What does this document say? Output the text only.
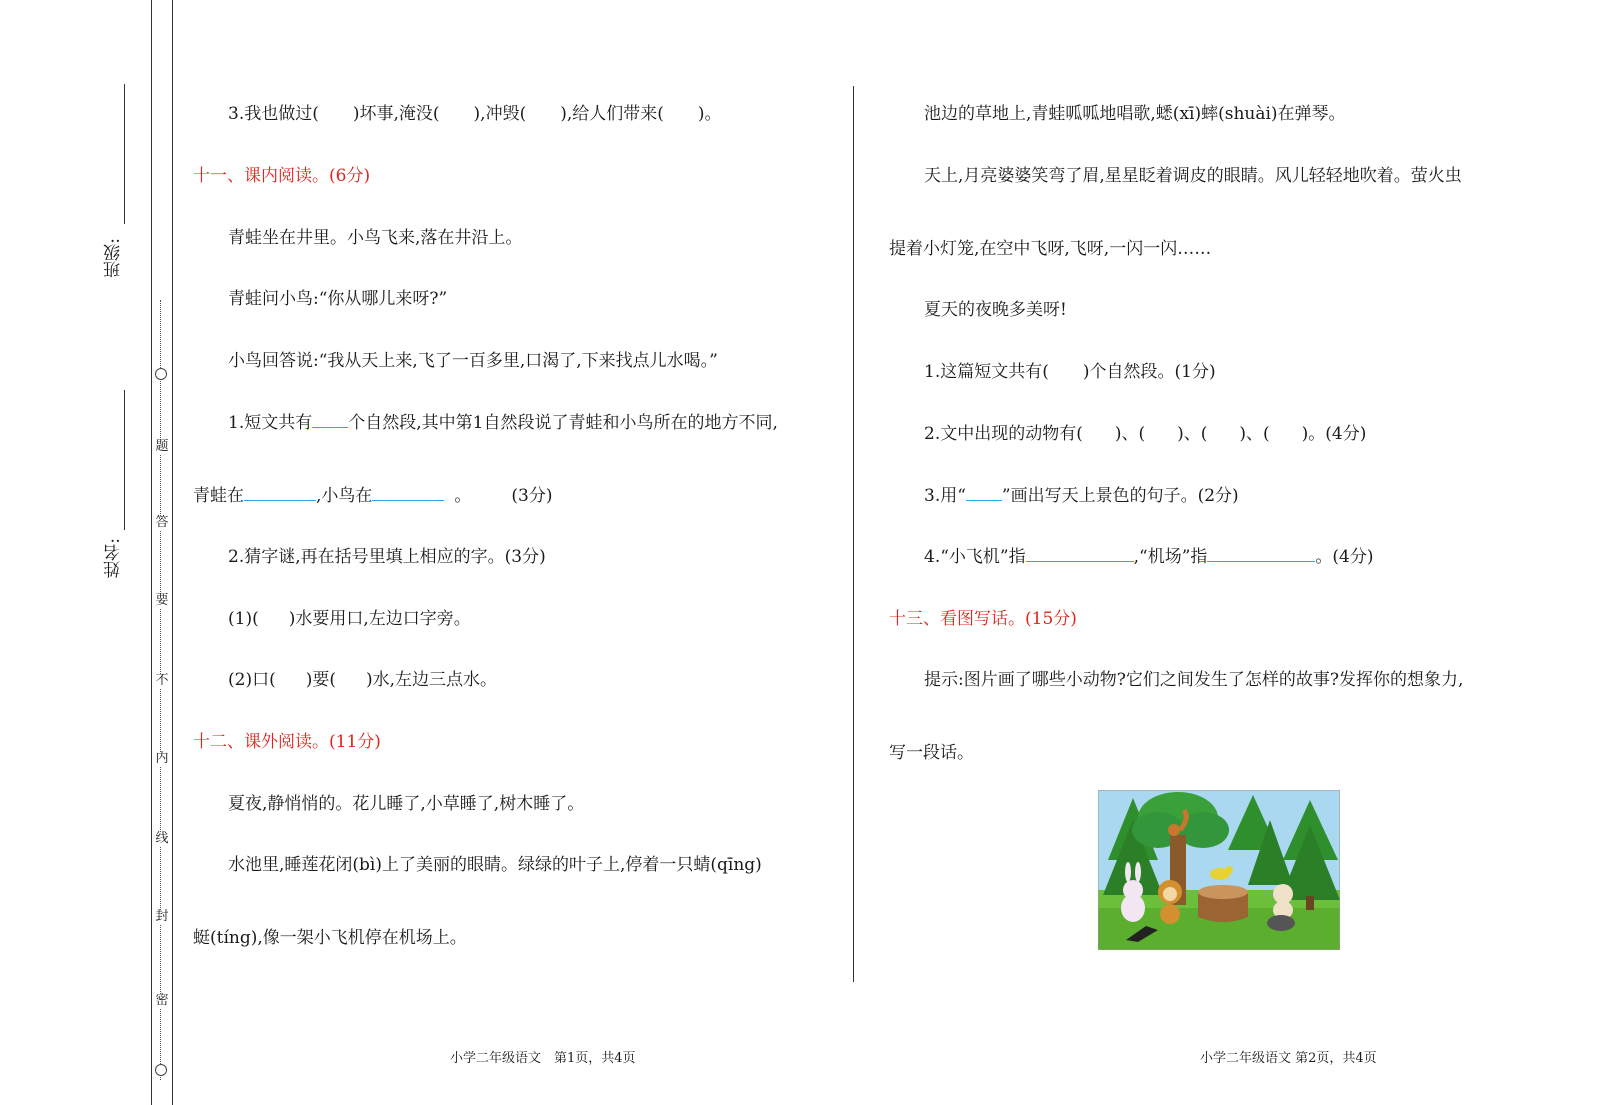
题
答
要
不
内
线
封
密
班级:
姓名:
3.我也做过( )坏事,淹没( ),冲毁( ),给人们带来( )。
十一、课内阅读。(6分)
青蛙坐在井里。小鸟飞来,落在井沿上。
青蛙问小鸟:“你从哪儿来呀?”
小鸟回答说:“我从天上来,飞了一百多里,口渴了,下来找点儿水喝。”
1.短文共有 个自然段,其中第1自然段说了青蛙和小鸟所在的地方不同,
青蛙在	,小鸟在	。 (3分)
2.猜字谜,再在括号里填上相应的字。(3分)
(1)( )水要用口,左边口字旁。
(2)口( )要( )水,左边三点水。
十二、课外阅读。(11分)
夏夜,静悄悄的。花儿睡了,小草睡了,树木睡了。
水池里,睡莲花闭(bì)上了美丽的眼睛。绿绿的叶子上,停着一只蜻(qīng)
蜓(tíng),像一架小飞机停在机场上。
池边的草地上,青蛙呱呱地唱歌,蟋(xī)蟀(shuài)在弹琴。
天上,月亮婆婆笑弯了眉,星星眨着调皮的眼睛。风儿轻轻地吹着。萤火虫
提着小灯笼,在空中飞呀,飞呀,一闪一闪……
夏天的夜晚多美呀!
1.这篇短文共有( )个自然段。(1分)
2.文中出现的动物有( )、( )、( )、( )。(4分)
3.用“ ”画出写天上景色的句子。(2分)
4.“小飞机”指	,“机场”指	。(4分)
十三、看图写话。(15分)
提示:图片画了哪些小动物?它们之间发生了怎样的故事?发挥你的想象力,
写一段话。
小学二年级语文　第1页，共4页	小学二年级语文 第2页，共4页
